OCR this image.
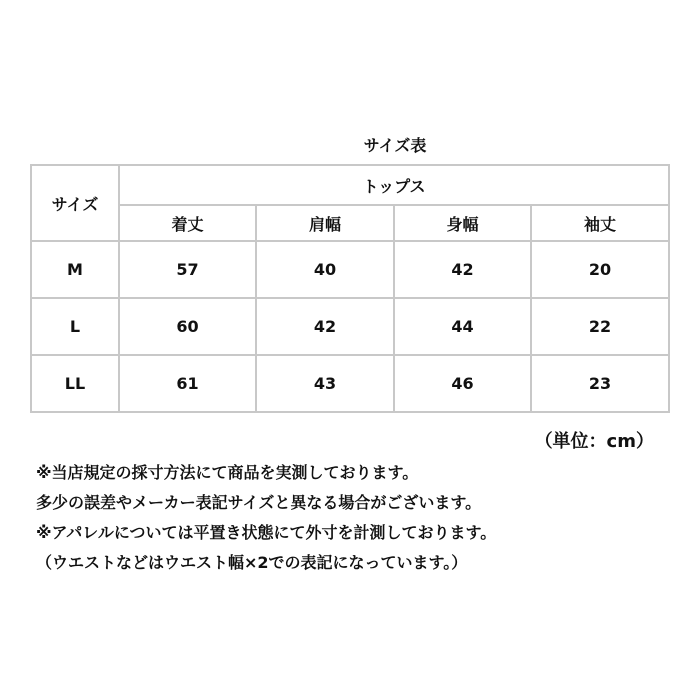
サイズ表
サイズ	トップス			
	着丈	肩幅	身幅	袖丈
M	57	40	42	20
L	60	42	44	22
LL	61	43	46	23
（単位：cm）
※当店規定の採寸方法にて商品を実測しております。
多少の誤差やメーカー表記サイズと異なる場合がございます。
※アパレルについては平置き状態にて外寸を計測しております。
（ウエストなどはウエスト幅×2での表記になっています。）
